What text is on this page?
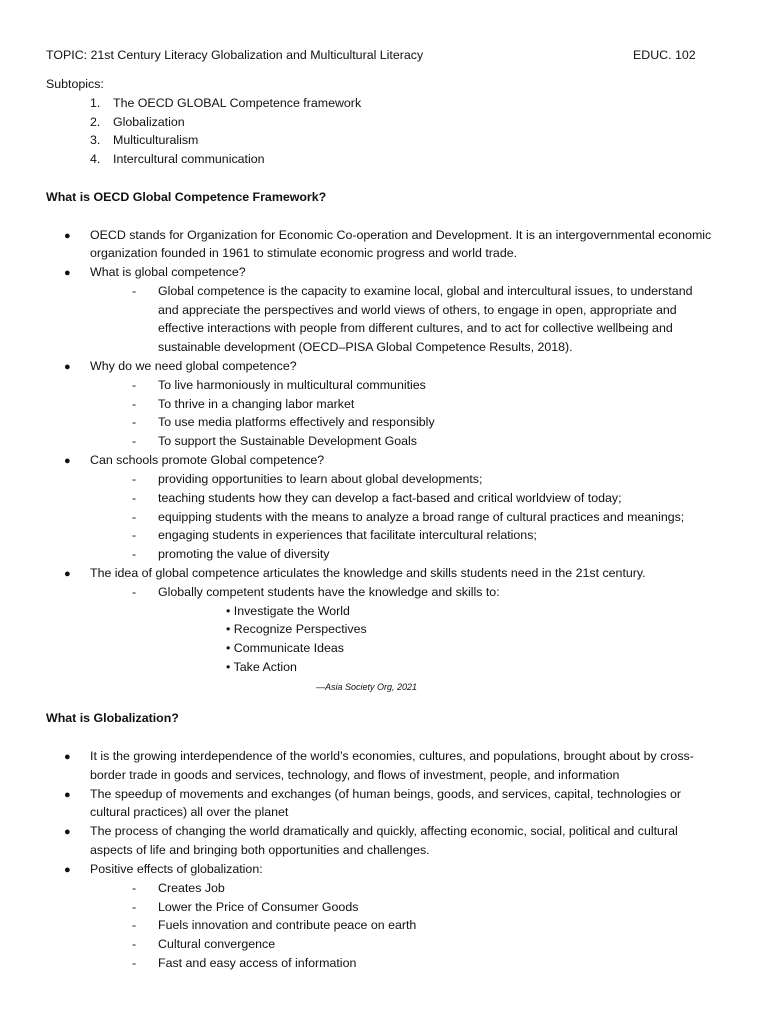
TOPIC: 21st Century Literacy Globalization and Multicultural Literacy	EDUC. 102
Subtopics:
1. The OECD GLOBAL Competence framework
2. Globalization
3. Multiculturalism
4. Intercultural communication
What is OECD Global Competence Framework?
● OECD stands for Organization for Economic Co-operation and Development. It is an intergovernmental economic
organization founded in 1961 to stimulate economic progress and world trade.
● What is global competence?
- Global competence is the capacity to examine local, global and intercultural issues, to understand
and appreciate the perspectives and world views of others, to engage in open, appropriate and
effective interactions with people from different cultures, and to act for collective wellbeing and
sustainable development (OECD–PISA Global Competence Results, 2018).
● Why do we need global competence?
- To live harmoniously in multicultural communities
- To thrive in a changing labor market
- To use media platforms effectively and responsibly
- To support the Sustainable Development Goals
● Can schools promote Global competence?
- providing opportunities to learn about global developments;
- teaching students how they can develop a fact-based and critical worldview of today;
- equipping students with the means to analyze a broad range of cultural practices and meanings;
- engaging students in experiences that facilitate intercultural relations;
- promoting the value of diversity
● The idea of global competence articulates the knowledge and skills students need in the 21st century.
- Globally competent students have the knowledge and skills to:
• Investigate the World
• Recognize Perspectives
• Communicate Ideas
• Take Action
—Asia Society Org, 2021
What is Globalization?
● It is the growing interdependence of the world’s economies, cultures, and populations, brought about by cross-
border trade in goods and services, technology, and flows of investment, people, and information
● The speedup of movements and exchanges (of human beings, goods, and services, capital, technologies or
cultural practices) all over the planet
● The process of changing the world dramatically and quickly, affecting economic, social, political and cultural
aspects of life and bringing both opportunities and challenges.
● Positive effects of globalization:
- Creates Job
- Lower the Price of Consumer Goods
- Fuels innovation and contribute peace on earth
- Cultural convergence
- Fast and easy access of information
